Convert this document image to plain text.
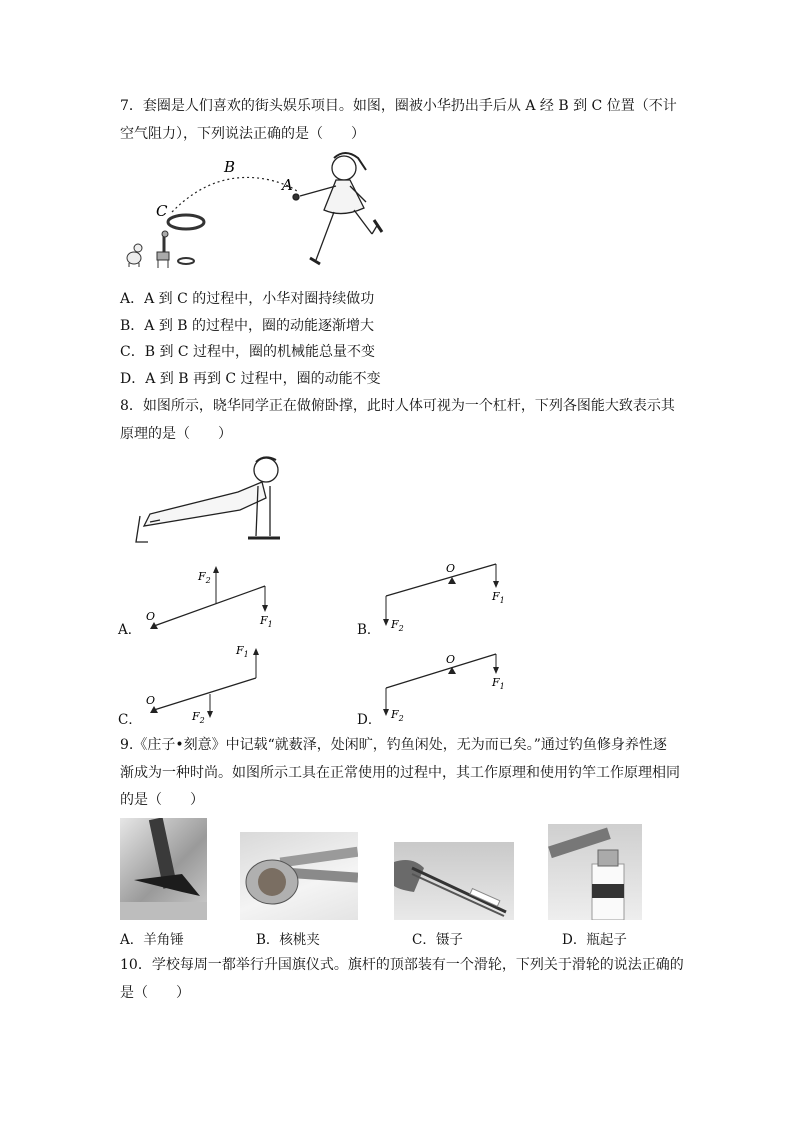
7．套圈是人们喜欢的街头娱乐项目。如图，圈被小华扔出手后从 A 经 B 到 C 位置（不计
空气阻力），下列说法正确的是（　　）
B
A
C
A．A 到 C 的过程中，小华对圈持续做功
B．A 到 B 的过程中，圈的动能逐渐增大
C．B 到 C 过程中，圈的机械能总量不变
D．A 到 B 再到 C 过程中，圈的动能不变
8．如图所示，晓华同学正在做俯卧撑，此时人体可视为一个杠杆，下列各图能大致表示其
原理的是（　　）
A．
O
$F_2$
$F_1$	B．
O
$F_2$
$F_1$
C．
O
$F_1$
$F_2$	D．
O
$F_2$
$F_1$
9.《庄子•刻意》中记载“就薮泽，处闲旷，钓鱼闲处，无为而已矣。”通过钓鱼修身养性逐
渐成为一种时尚。如图所示工具在正常使用的过程中，其工作原理和使用钓竿工作原理相同
的是（　　）
A．羊角锤	B．核桃夹	C．镊子	D．瓶起子
10．学校每周一都举行升国旗仪式。旗杆的顶部装有一个滑轮，下列关于滑轮的说法正确的
是（　　）
